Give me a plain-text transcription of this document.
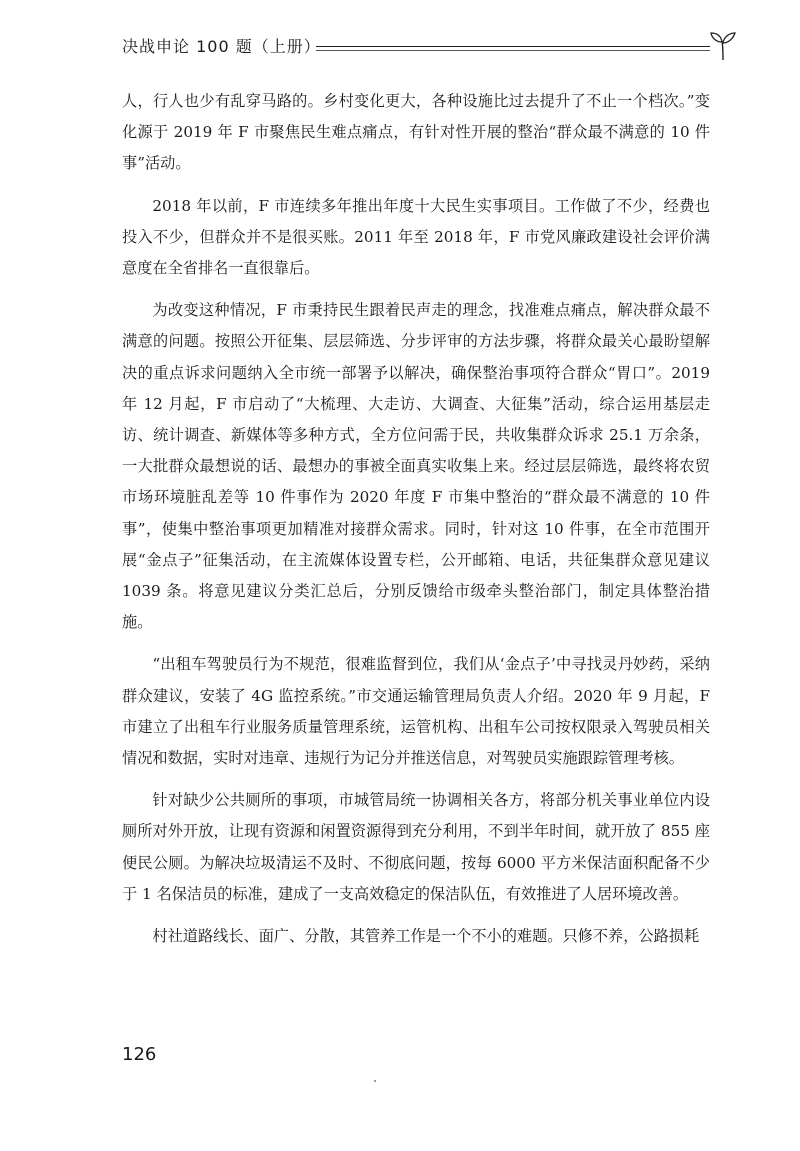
决战申论 100 题（上册）

人，行人也少有乱穿马路的。乡村变化更大，各种设施比过去提升了不止一个档次。”变化源于 2019 年 F 市聚焦民生难点痛点，有针对性开展的整治“群众最不满意的 10 件事”活动。

2018 年以前，F 市连续多年推出年度十大民生实事项目。工作做了不少，经费也投入不少，但群众并不是很买账。2011 年至 2018 年，F 市党风廉政建设社会评价满意度在全省排名一直很靠后。

为改变这种情况，F 市秉持民生跟着民声走的理念，找准难点痛点，解决群众最不满意的问题。按照公开征集、层层筛选、分步评审的方法步骤，将群众最关心最盼望解决的重点诉求问题纳入全市统一部署予以解决，确保整治事项符合群众“胃口”。2019 年 12 月起，F 市启动了“大梳理、大走访、大调查、大征集”活动，综合运用基层走访、统计调查、新媒体等多种方式，全方位问需于民，共收集群众诉求 25.1 万余条，一大批群众最想说的话、最想办的事被全面真实收集上来。经过层层筛选，最终将农贸市场环境脏乱差等 10 件事作为 2020 年度 F 市集中整治的“群众最不满意的 10 件事”，使集中整治事项更加精准对接群众需求。同时，针对这 10 件事，在全市范围开展“金点子”征集活动，在主流媒体设置专栏，公开邮箱、电话，共征集群众意见建议 1039 条。将意见建议分类汇总后，分别反馈给市级牵头整治部门，制定具体整治措施。

“出租车驾驶员行为不规范，很难监督到位，我们从‘金点子’中寻找灵丹妙药，采纳群众建议，安装了 4G 监控系统。”市交通运输管理局负责人介绍。2020 年 9 月起，F 市建立了出租车行业服务质量管理系统，运管机构、出租车公司按权限录入驾驶员相关情况和数据，实时对违章、违规行为记分并推送信息，对驾驶员实施跟踪管理考核。

针对缺少公共厕所的事项，市城管局统一协调相关各方，将部分机关事业单位内设厕所对外开放，让现有资源和闲置资源得到充分利用，不到半年时间，就开放了 855 座便民公厕。为解决垃圾清运不及时、不彻底问题，按每 6000 平方米保洁面积配备不少于 1 名保洁员的标准，建成了一支高效稳定的保洁队伍，有效推进了人居环境改善。

村社道路线长、面广、分散，其管养工作是一个不小的难题。只修不养，公路损耗

126
